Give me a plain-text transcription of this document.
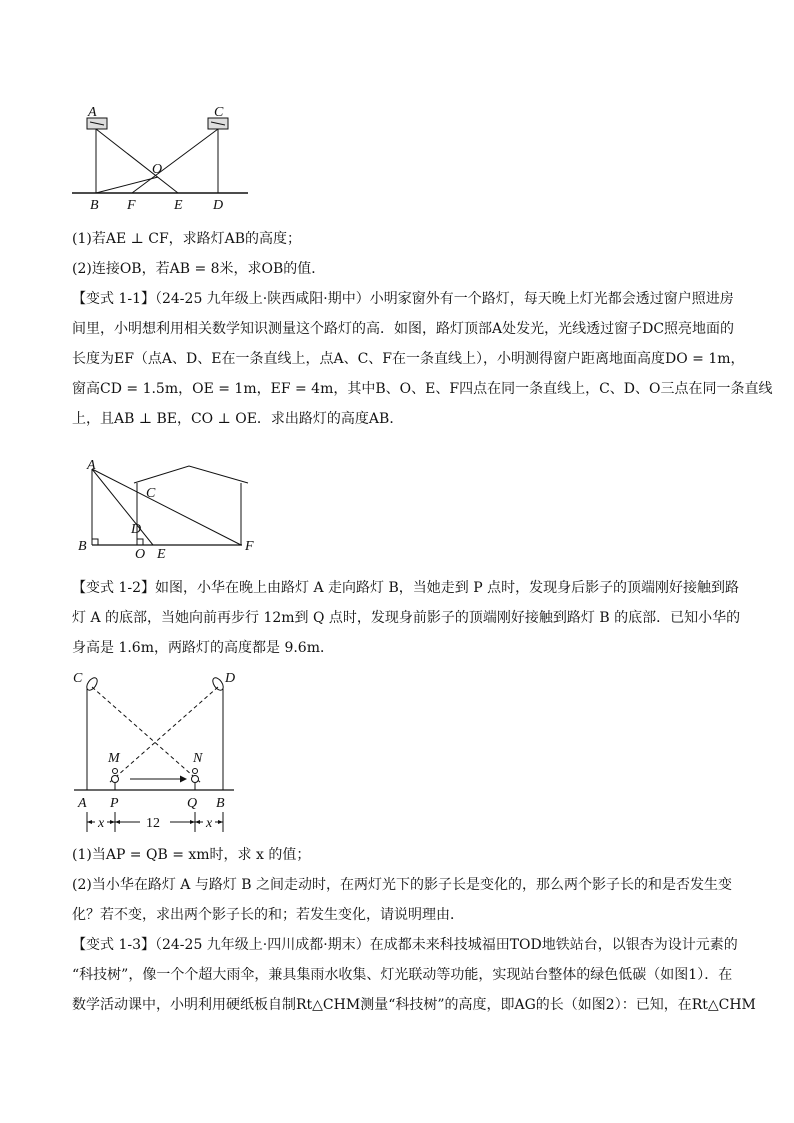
A	C
O
B F	E D
(1)若AE ⊥ CF，求路灯AB的高度；
(2)连接OB，若AB = 8米，求OB的值．
【变式 1-1】（24-25 九年级上·陕西咸阳·期中）小明家窗外有一个路灯，每天晚上灯光都会透过窗户照进房
间里，小明想利用相关数学知识测量这个路灯的高．如图，路灯顶部A处发光，光线透过窗子DC照亮地面的
长度为EF（点A、D、E在一条直线上，点A、C、F在一条直线上），小明测得窗户距离地面高度DO = 1m，
窗高CD = 1.5m，OE = 1m，EF = 4m，其中B、O、E、F四点在同一条直线上，C、D、O三点在同一条直线
上，且AB ⊥ BE，CO ⊥ OE．求出路灯的高度AB．
A
C
D
B
O E
F
【变式 1-2】如图，小华在晚上由路灯 A 走向路灯 B，当她走到 P 点时，发现身后影子的顶端刚好接触到路
灯 A 的底部，当她向前再步行 12m到 Q 点时，发现身前影子的顶端刚好接触到路灯 B 的底部．已知小华的
身高是 1.6m，两路灯的高度都是 9.6m．
C	D
M	N
A P	Q B
x	12	x
(1)当AP = QB = xm时，求 x 的值；
(2)当小华在路灯 A 与路灯 B 之间走动时，在两灯光下的影子长是变化的，那么两个影子长的和是否发生变
化？若不变，求出两个影子长的和；若发生变化，请说明理由．
【变式 1-3】（24-25 九年级上·四川成都·期末）在成都未来科技城福田TOD地铁站台，以银杏为设计元素的
“科技树”，像一个个超大雨伞，兼具集雨水收集、灯光联动等功能，实现站台整体的绿色低碳（如图1）．在
数学活动课中，小明利用硬纸板自制Rt△CHM测量“科技树”的高度，即AG的长（如图2）：已知，在Rt△CHM
